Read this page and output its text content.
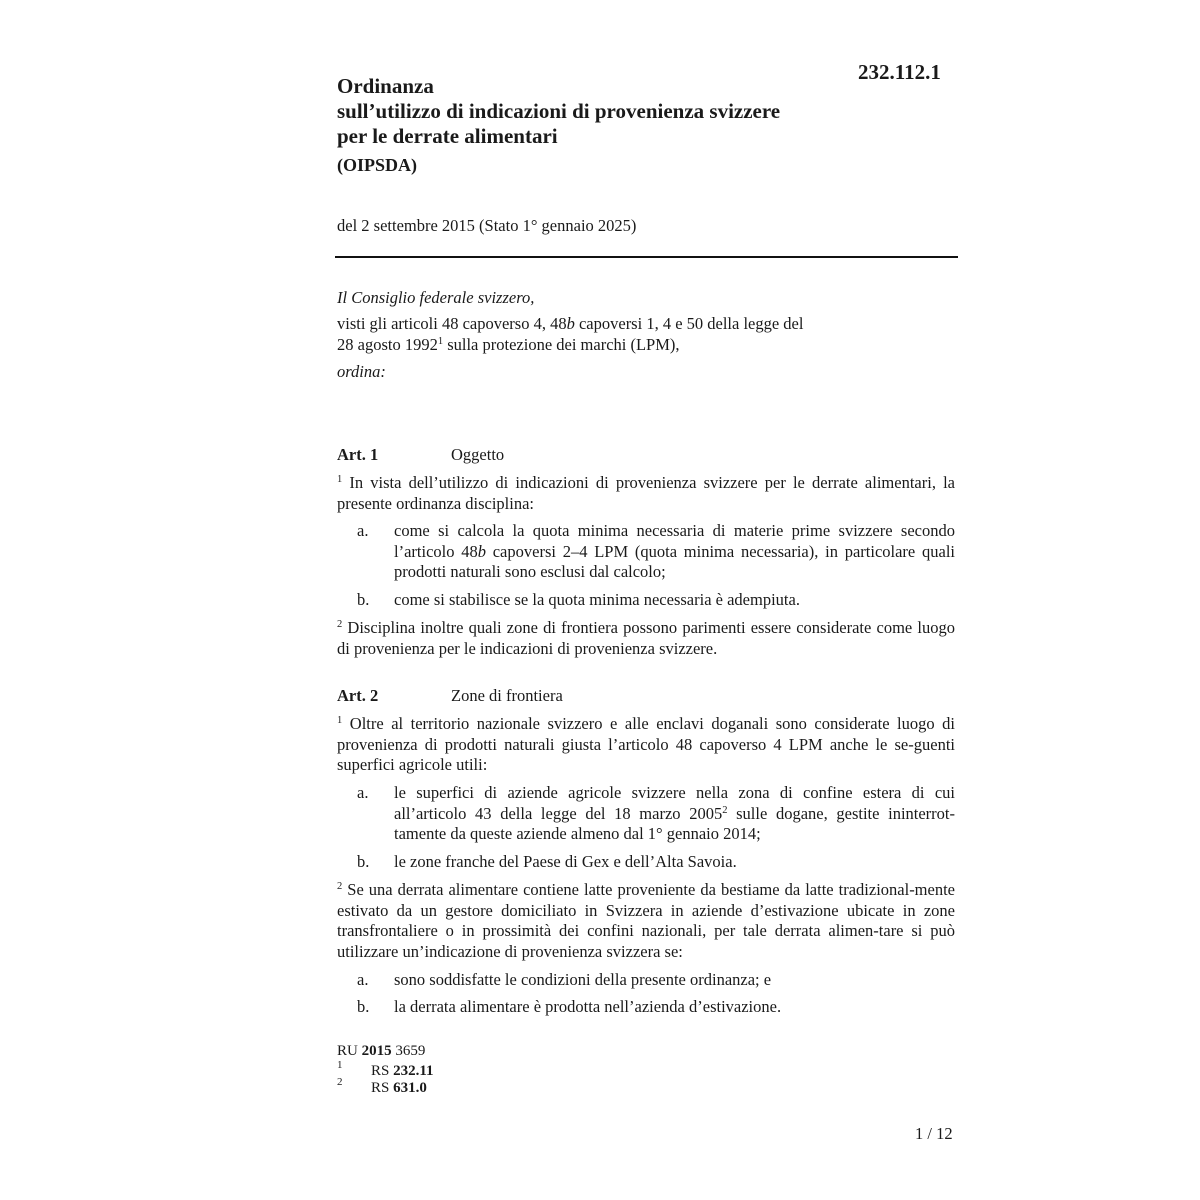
232.112.1
Ordinanza
sull’utilizzo di indicazioni di provenienza svizzere
per le derrate alimentari
(OIPSDA)
del 2 settembre 2015 (Stato 1° gennaio 2025)
Il Consiglio federale svizzero,
visti gli articoli 48 capoverso 4, 48b capoversi 1, 4 e 50 della legge del
28 agosto 1992$^1$ sulla protezione dei marchi (LPM),
ordina:
Art. 1	Oggetto
$^1$ In vista dell’utilizzo di indicazioni di provenienza svizzere per le derrate alimentari, la presente ordinanza disciplina:
a. come si calcola la quota minima necessaria di materie prime svizzere secondo l’articolo 48b capoversi 2–4 LPM (quota minima necessaria), in particolare quali prodotti naturali sono esclusi dal calcolo;
b. come si stabilisce se la quota minima necessaria è adempiuta.
$^2$ Disciplina inoltre quali zone di frontiera possono parimenti essere considerate come luogo di provenienza per le indicazioni di provenienza svizzere.
Art. 2	Zone di frontiera
$^1$ Oltre al territorio nazionale svizzero e alle enclavi doganali sono considerate luogo di provenienza di prodotti naturali giusta l’articolo 48 capoverso 4 LPM anche le se-guenti superfici agricole utili:
a. le superfici di aziende agricole svizzere nella zona di confine estera di cui all’articolo 43 della legge del 18 marzo 2005$^2$ sulle dogane, gestite ininterrot-tamente da queste aziende almeno dal 1° gennaio 2014;
b. le zone franche del Paese di Gex e dell’Alta Savoia.
$^2$ Se una derrata alimentare contiene latte proveniente da bestiame da latte tradizional-mente estivato da un gestore domiciliato in Svizzera in aziende d’estivazione ubicate in zone transfrontaliere o in prossimità dei confini nazionali, per tale derrata alimen-tare si può utilizzare un’indicazione di provenienza svizzera se:
a. sono soddisfatte le condizioni della presente ordinanza; e
b. la derrata alimentare è prodotta nell’azienda d’estivazione.
RU 2015 3659
1 RS 232.11
2 RS 631.0
1 / 12
